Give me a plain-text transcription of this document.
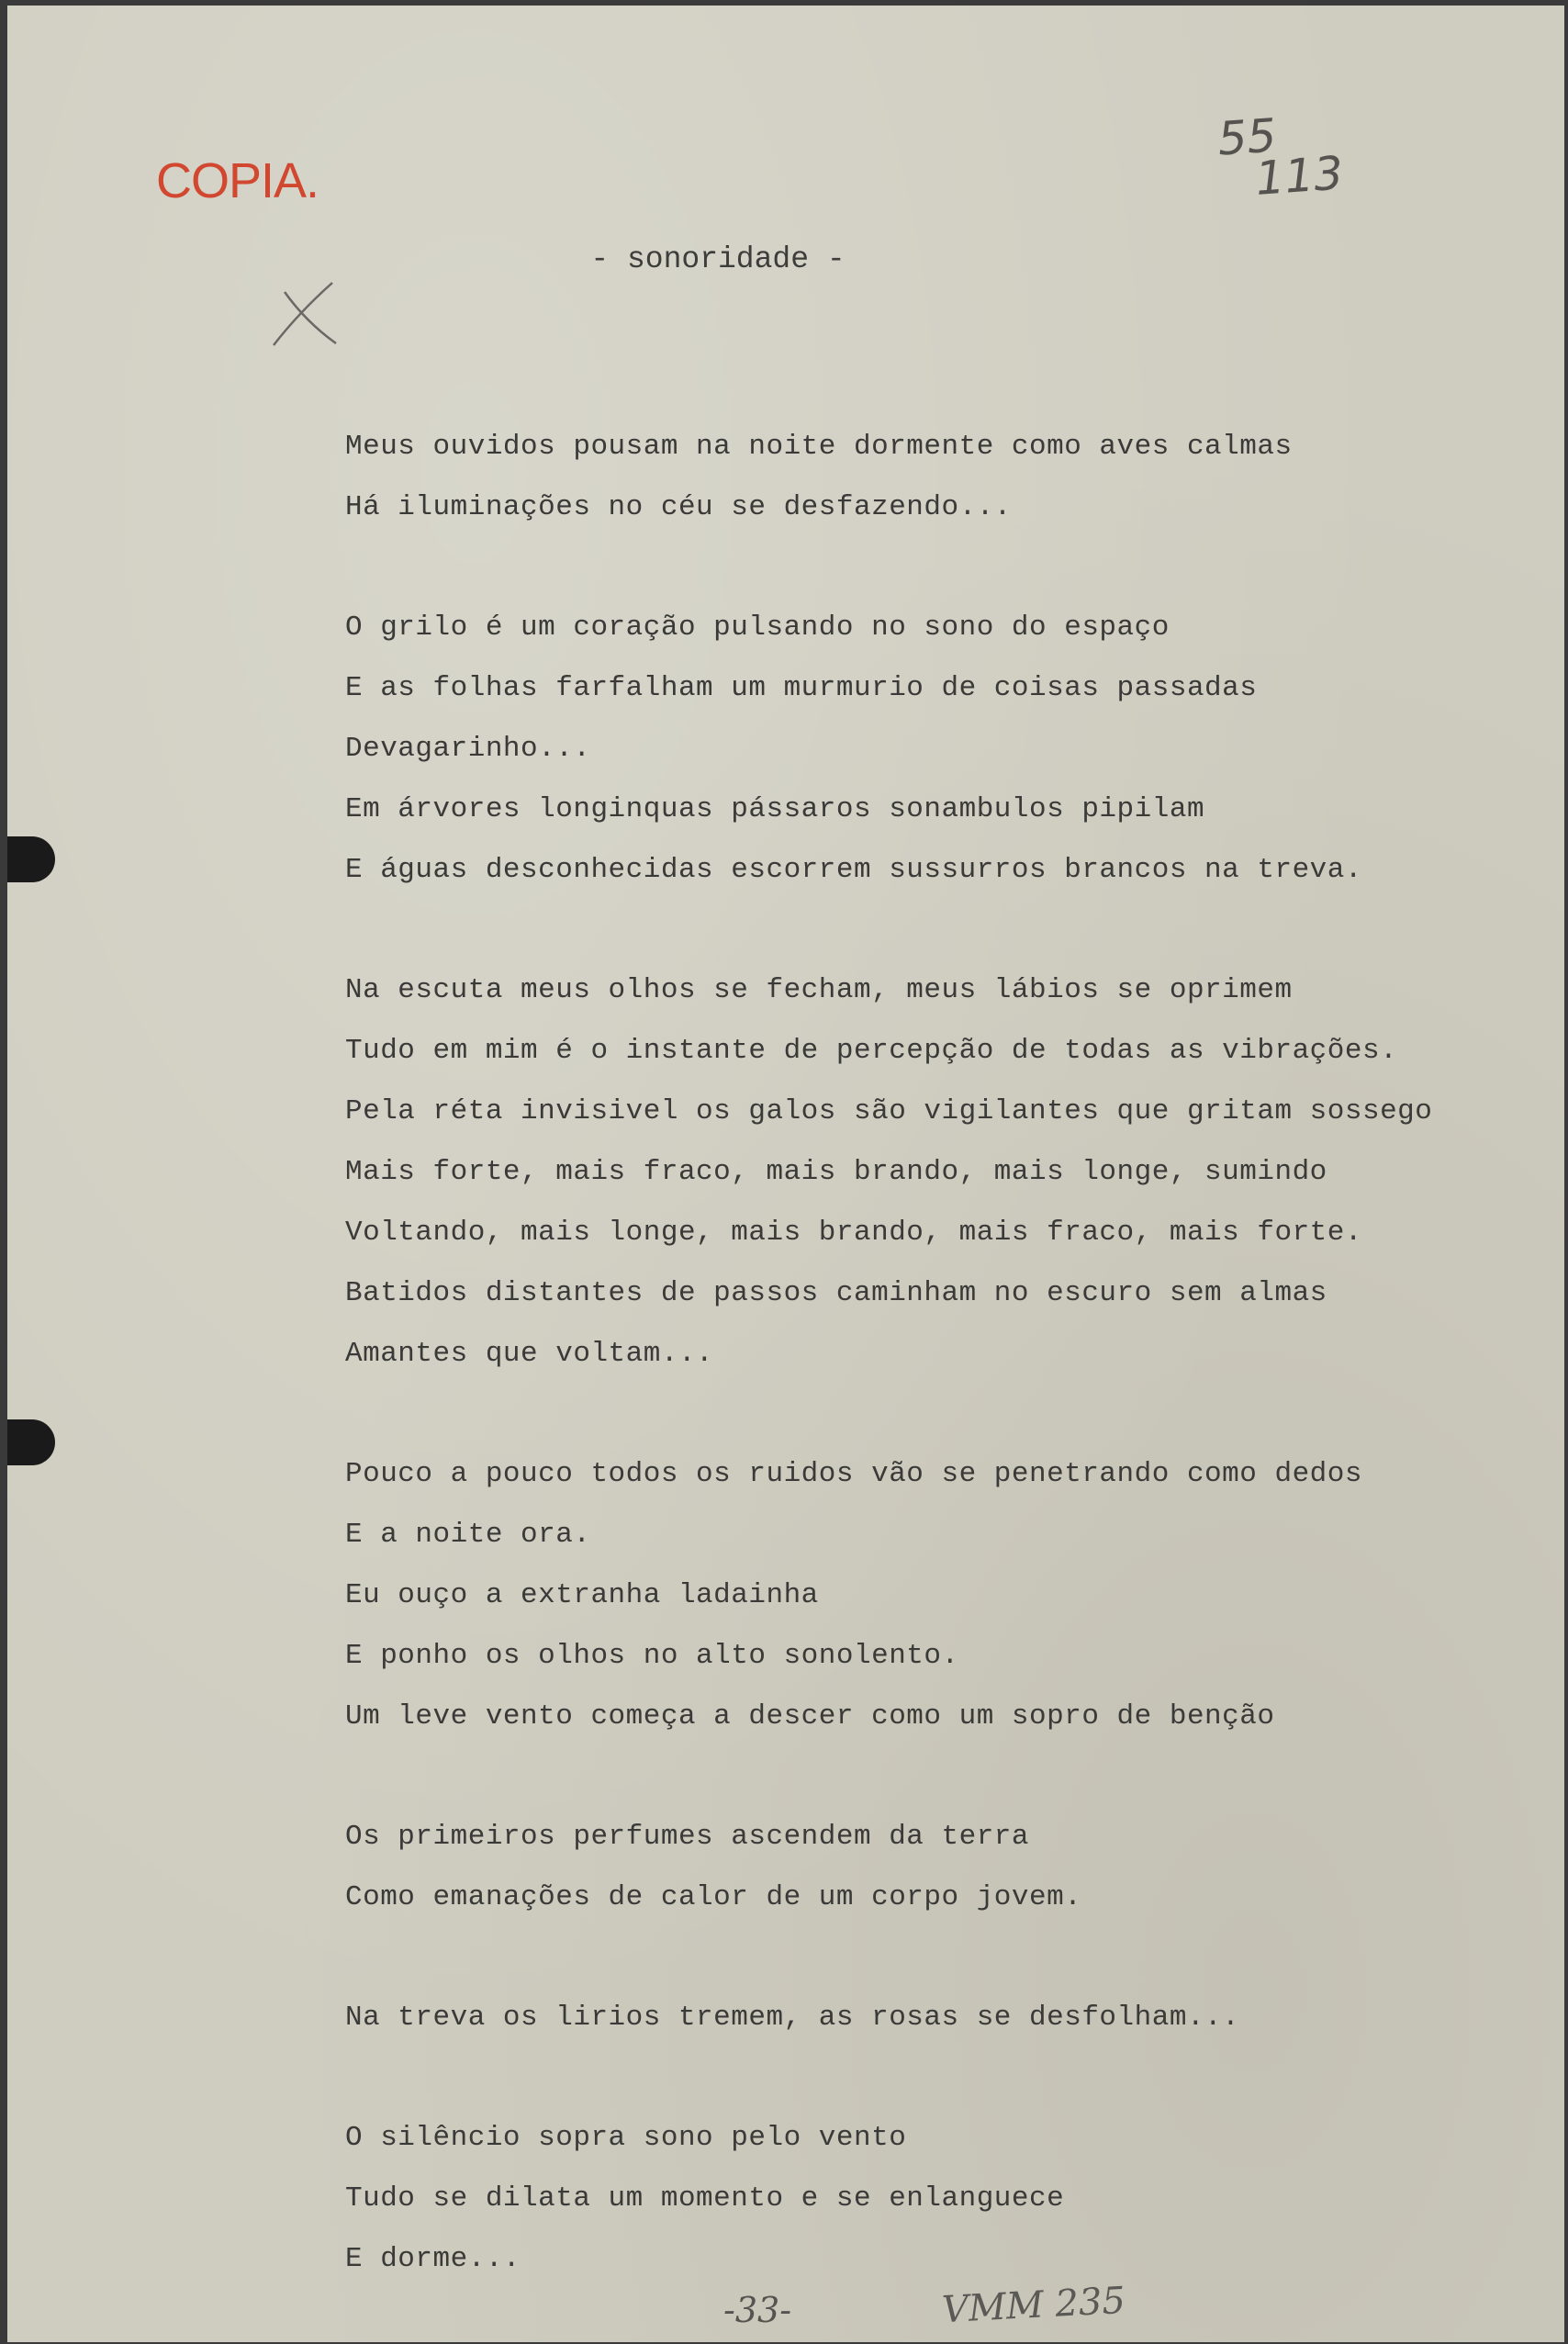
COPIA.
55
113
- sonoridade -
Meus ouvidos pousam na noite dormente como aves calmas
Há iluminações no céu se desfazendo...
O grilo é um coração pulsando no sono do espaço
E as folhas farfalham um murmurio de coisas passadas
Devagarinho...
Em árvores longinquas pássaros sonambulos pipilam
E águas desconhecidas escorrem sussurros brancos na treva.
Na escuta meus olhos se fecham, meus lábios se oprimem
Tudo em mim é o instante de percepção de todas as vibrações.
Pela réta invisivel os galos são vigilantes que gritam sossego
Mais forte, mais fraco, mais brando, mais longe, sumindo
Voltando, mais longe, mais brando, mais fraco, mais forte.
Batidos distantes de passos caminham no escuro sem almas
Amantes que voltam...
Pouco a pouco todos os ruidos vão se penetrando como dedos
E a noite ora.
Eu ouço a extranha ladainha
E ponho os olhos no alto sonolento.
Um leve vento começa a descer como um sopro de benção
Os primeiros perfumes ascendem da terra
Como emanações de calor de um corpo jovem.
Na treva os lirios tremem, as rosas se desfolham...
O silêncio sopra sono pelo vento
Tudo se dilata um momento e se enlanguece
E dorme...
-33-	VMM 235
